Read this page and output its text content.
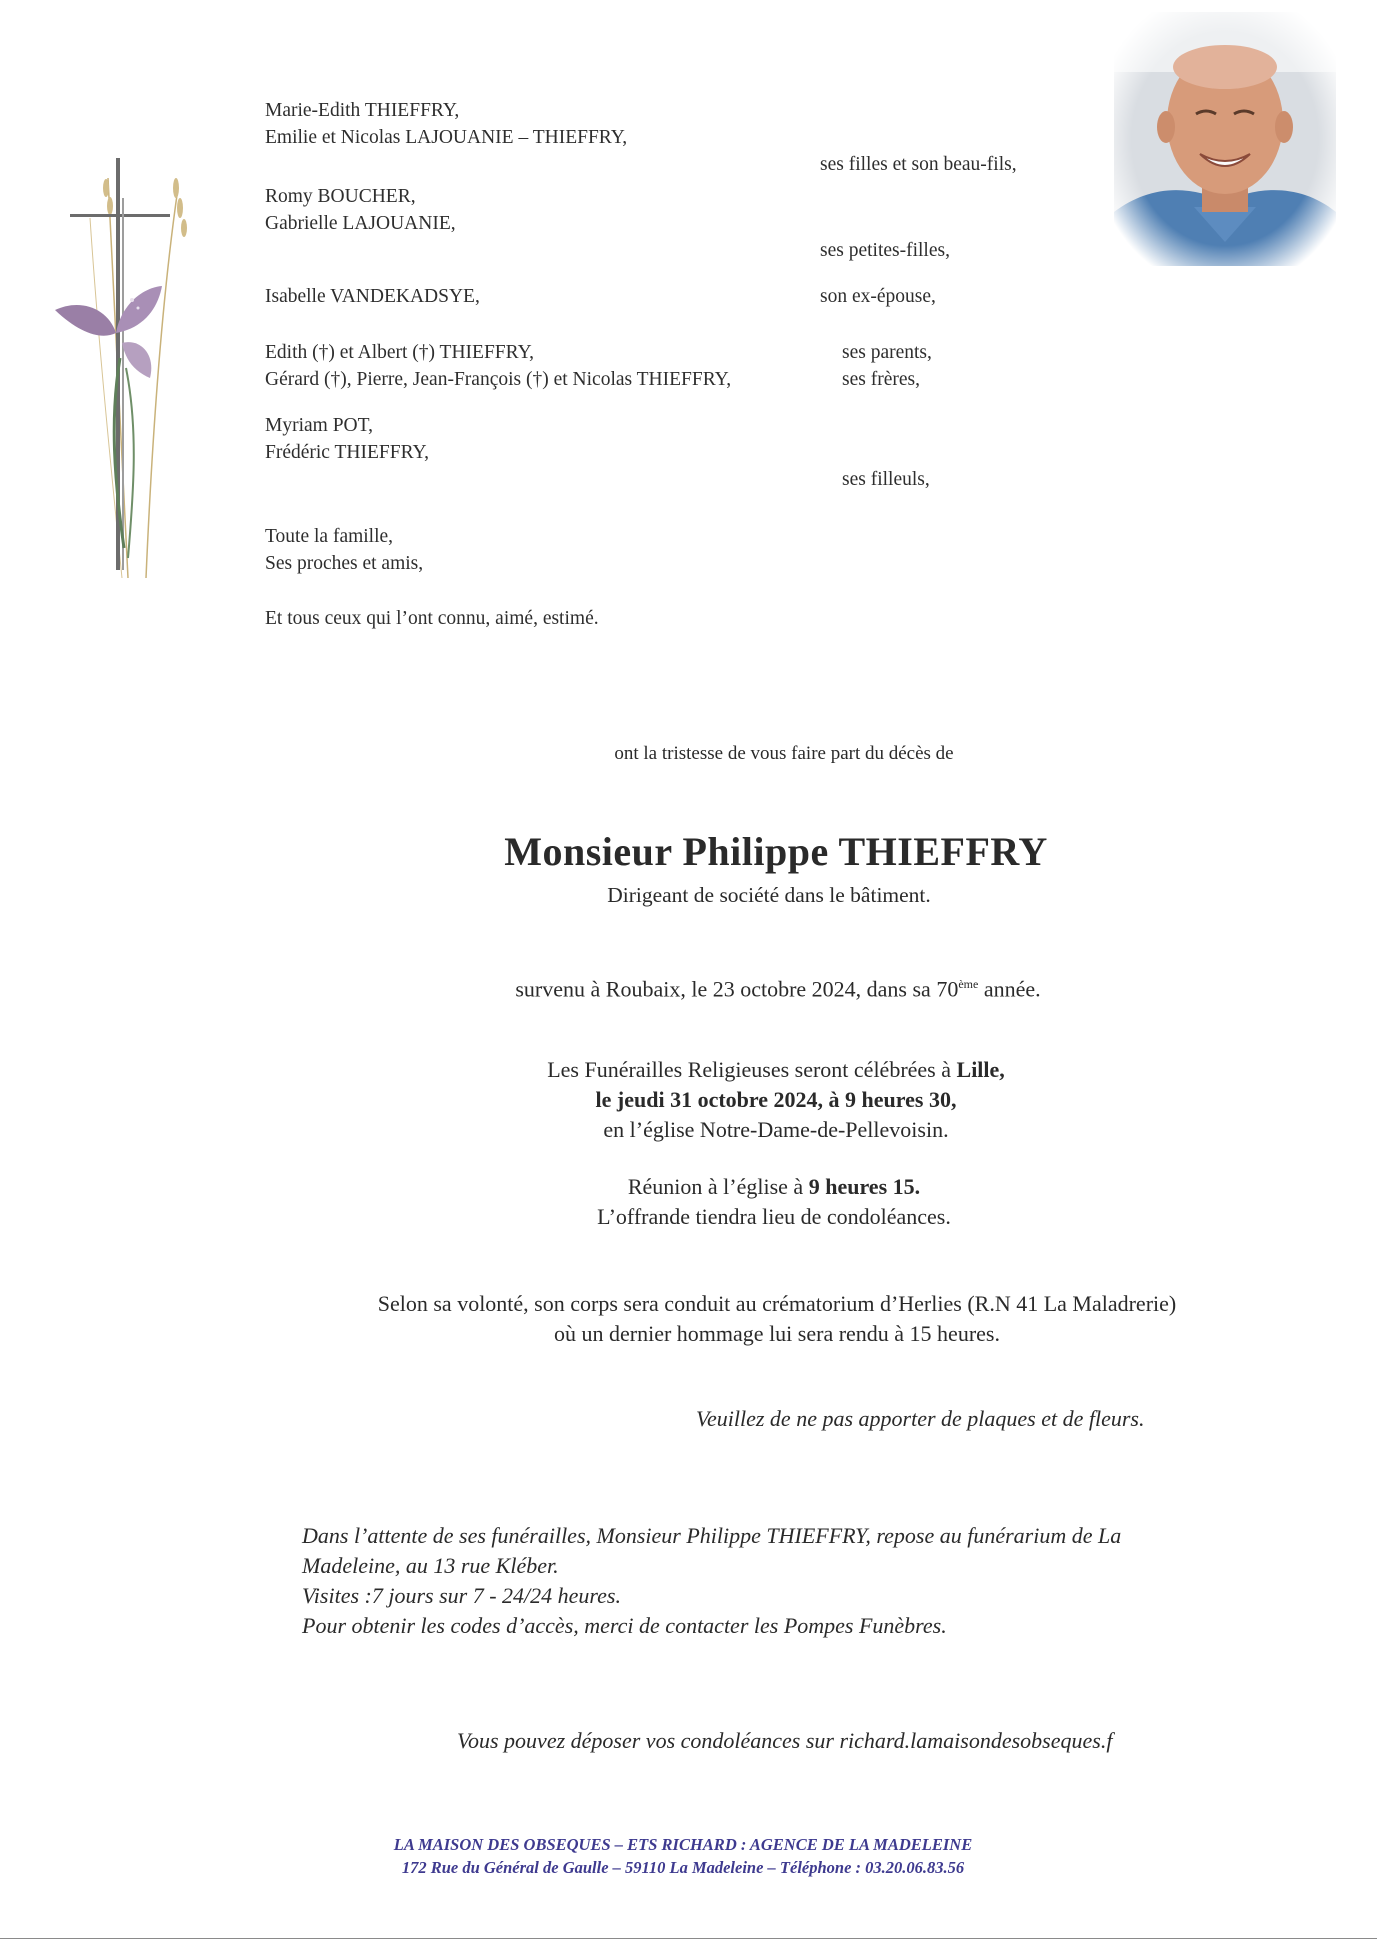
Marie-Edith THIEFFRY,
Emilie et Nicolas LAJOUANIE – THIEFFRY,
ses filles et son beau-fils,
Romy BOUCHER,
Gabrielle LAJOUANIE,
ses petites-filles,
Isabelle VANDEKADSYE,	son ex-épouse,
Edith (†) et Albert (†) THIEFFRY,	ses parents,
Gérard (†), Pierre, Jean-François (†) et Nicolas THIEFFRY,	ses frères,
Myriam POT,
Frédéric THIEFFRY,
ses filleuls,
Toute la famille,
Ses proches et amis,
Et tous ceux qui l’ont connu, aimé, estimé.
ont la tristesse de vous faire part du décès de
Monsieur Philippe THIEFFRY
Dirigeant de société dans le bâtiment.
survenu à Roubaix, le 23 octobre 2024, dans sa 70ème année.
Les Funérailles Religieuses seront célébrées à Lille,
le jeudi 31 octobre 2024, à 9 heures 30,
en l’église Notre-Dame-de-Pellevoisin.
Réunion à l’église à 9 heures 15.
L’offrande tiendra lieu de condoléances.
Selon sa volonté, son corps sera conduit au crématorium d’Herlies (R.N 41 La Maladrerie)
où un dernier hommage lui sera rendu à 15 heures.
Veuillez de ne pas apporter de plaques et de fleurs.
Dans l’attente de ses funérailles, Monsieur Philippe THIEFFRY, repose au funérarium de La
Madeleine, au 13 rue Kléber.
Visites :7 jours sur 7 - 24/24 heures.
Pour obtenir les codes d’accès, merci de contacter les Pompes Funèbres.
Vous pouvez déposer vos condoléances sur richard.lamaisondesobseques.f
LA MAISON DES OBSEQUES – ETS RICHARD : AGENCE DE LA MADELEINE
172 Rue du Général de Gaulle – 59110 La Madeleine – Téléphone : 03.20.06.83.56
